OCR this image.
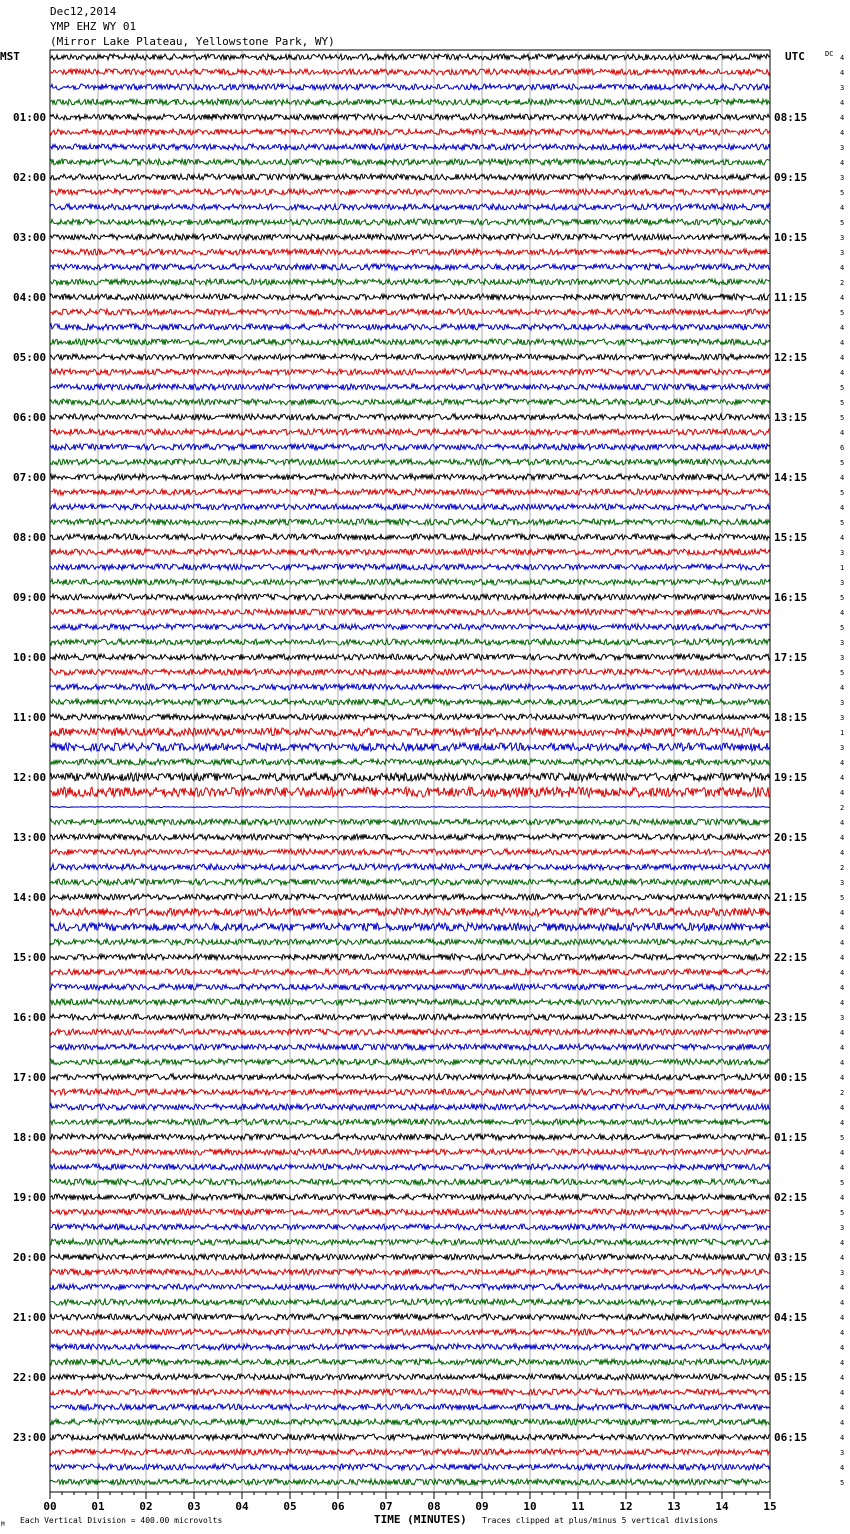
Dec12,2014
YMP EHZ WY 01
(Mirror Lake Plateau, Yellowstone Park, WY)
MST	UTC	DC
01:00
02:00
03:00
04:00
05:00
06:00
07:00
08:00
09:00
10:00
11:00
12:00
13:00
14:00
15:00
16:00
17:00
18:00
19:00
20:00
21:00
22:00
23:00
08:15
09:15
10:15
11:15
12:15
13:15
14:15
15:15
16:15
17:15
18:15
19:15
20:15
21:15
22:15
23:15
00:15
01:15
02:15
03:15
04:15
05:15
06:15
4
4
3
4
4
4
3
4
3
5
4
5
3
3
4
2
4
5
4
4
4
4
5
5
5
4
6
5
4
5
4
5
4
3
1
3
5
4
5
3
3
5
4
3
3
1
3
4
4
4
2
4
4
4
2
3
5
4
4
4
4
4
4
4
3
4
4
4
4
2
4
4
5
4
4
5
4
5
3
4
4
3
4
4
4
4
4
4
4
4
4
4
4
3
4
5
00	01	02	03	04	05	06	07	08	09	10	11	12	13	14	15
TIME (MINUTES)
Each Vertical Division = 400.00 microvolts	Traces clipped at plus/minus 5 vertical divisions
M
